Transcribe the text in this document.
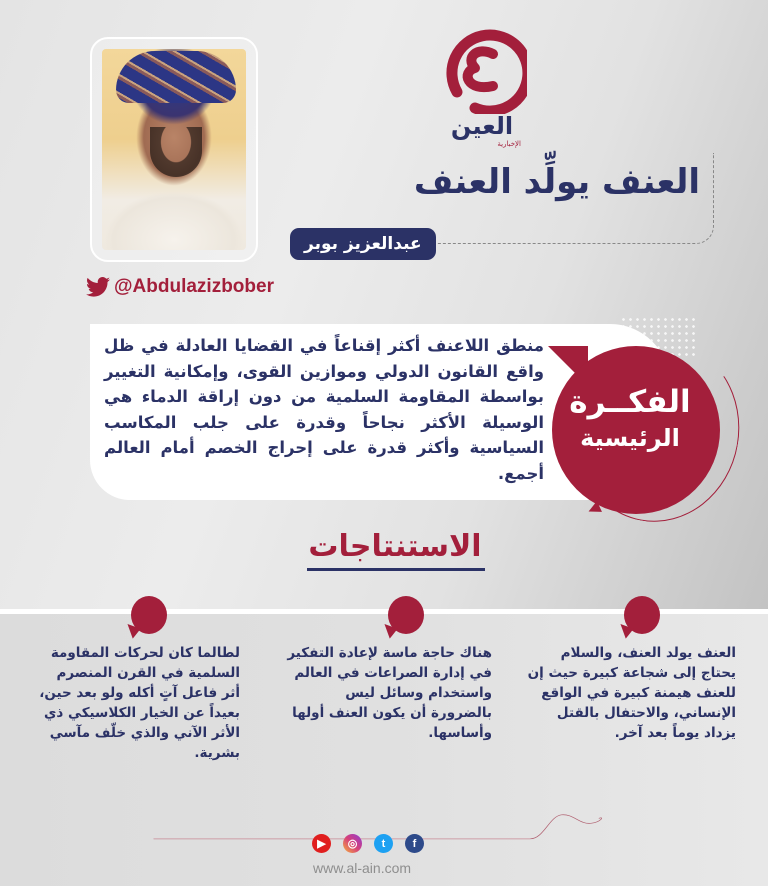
@Abdulazizbober
العين
الإخبارية
العنف يولِّد العنف
عبدالعزيز بوبر
منطق اللاعنف أكثر إقناعاً في القضايا العادلة في ظل واقع القانون الدولي وموازين القوى، وإمكانية التغيير بواسطة المقاومة السلمية من دون إراقة الدماء هي الوسيلة الأكثر نجاحاً وقدرة على جلب المكاسب السياسية وأكثر قدرة على إحراج الخصم أمام العالم أجمع.
الفكــرة
الرئيسية
الاستنتاجات
العنف يولد العنف، والسلام يحتاج إلى شجاعة كبيرة حيث إن للعنف هيمنة كبيرة في الواقع الإنساني، والاحتفال بالقتل يزداد يوماً بعد آخر.
هناك حاجة ماسة لإعادة التفكير في إدارة الصراعات في العالم واستخدام وسائل ليس بالضرورة أن يكون العنف أولها وأساسها.
لطالما كان لحركات المقاومة السلمية في القرن المنصرم أثر فاعل آتٍ أكله ولو بعد حين، بعيداً عن الخيار الكلاسيكي ذي الأثر الآني والذي خلّف مآسي بشرية.
▶	◎	t	f
www.al-ain.com
